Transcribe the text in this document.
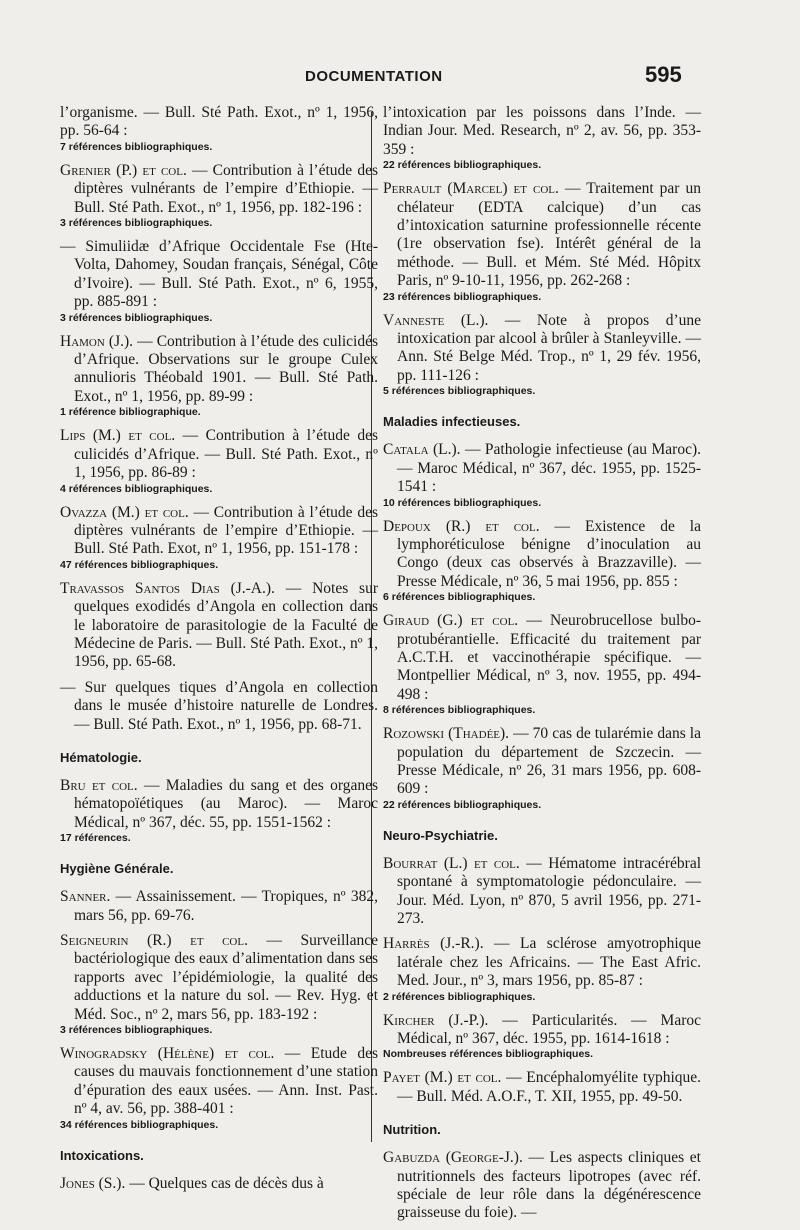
DOCUMENTATION	595

l’organisme. — Bull. Sté Path. Exot., nº 1, 1956, pp. 56-64 :

7 références bibliographiques.

Grenier (P.) et col. — Contribution à l’étude des diptères vulnérants de l’empire d’Ethiopie. — Bull. Sté Path. Exot., nº 1, 1956, pp. 182-196 :

3 références bibliographiques.

— Simuliidæ d’Afrique Occidentale Fse (Hte-Volta, Dahomey, Soudan français, Sénégal, Côte d’Ivoire). — Bull. Sté Path. Exot., nº 6, 1955, pp. 885-891 :

3 références bibliographiques.

Hamon (J.). — Contribution à l’étude des culicidés d’Afrique. Observations sur le groupe Culex annulioris Théobald 1901. — Bull. Sté Path. Exot., nº 1, 1956, pp. 89-99 :

1 référence bibliographique.

Lips (M.) et col. — Contribution à l’étude des culicidés d’Afrique. — Bull. Sté Path. Exot., nº 1, 1956, pp. 86-89 :

4 références bibliographiques.

Ovazza (M.) et col. — Contribution à l’étude des diptères vulnérants de l’empire d’Ethiopie. — Bull. Sté Path. Exot, nº 1, 1956, pp. 151-178 :

47 références bibliographiques.

Travassos Santos Dias (J.-A.). — Notes sur quelques exodidés d’Angola en collection dans le laboratoire de parasitologie de la Faculté de Médecine de Paris. — Bull. Sté Path. Exot., nº 1, 1956, pp. 65-68.

— Sur quelques tiques d’Angola en collection dans le musée d’histoire naturelle de Londres. — Bull. Sté Path. Exot., nº 1, 1956, pp. 68-71.

Hématologie.

Bru et col. — Maladies du sang et des organes hématopoïétiques (au Maroc). — Maroc Médical, nº 367, déc. 55, pp. 1551-1562 :

17 références.

Hygiène Générale.

Sanner. — Assainissement. — Tropiques, nº 382, mars 56, pp. 69-76.

Seigneurin (R.) et col. — Surveillance bactériologique des eaux d’alimentation dans ses rapports avec l’épidémiologie, la qualité des adductions et la nature du sol. — Rev. Hyg. et Méd. Soc., nº 2, mars 56, pp. 183-192 :

3 références bibliographiques.

Winogradsky (Hélène) et col. — Etude des causes du mauvais fonctionnement d’une station d’épuration des eaux usées. — Ann. Inst. Past. nº 4, av. 56, pp. 388-401 :

34 références bibliographiques.

Intoxications.

Jones (S.). — Quelques cas de décès dus à

l’intoxication par les poissons dans l’Inde. — Indian Jour. Med. Research, nº 2, av. 56, pp. 353-359 :

22 références bibliographiques.

Perrault (Marcel) et col. — Traitement par un chélateur (EDTA calcique) d’un cas d’intoxication saturnine professionnelle récente (1re observation fse). Intérêt général de la méthode. — Bull. et Mém. Sté Méd. Hôpitx Paris, nº 9-10-11, 1956, pp. 262-268 :

23 références bibliographiques.

Vanneste (L.). — Note à propos d’une intoxication par alcool à brûler à Stanleyville. — Ann. Sté Belge Méd. Trop., nº 1, 29 fév. 1956, pp. 111-126 :

5 références bibliographiques.

Maladies infectieuses.

Catala (L.). — Pathologie infectieuse (au Maroc). — Maroc Médical, nº 367, déc. 1955, pp. 1525-1541 :

10 références bibliographiques.

Depoux (R.) et col. — Existence de la lymphoréticulose bénigne d’inoculation au Congo (deux cas observés à Brazzaville). — Presse Médicale, nº 36, 5 mai 1956, pp. 855 :

6 références bibliographiques.

Giraud (G.) et col. — Neurobrucellose bulbo-protubérantielle. Efficacité du traitement par A.C.T.H. et vaccinothérapie spécifique. — Montpellier Médical, nº 3, nov. 1955, pp. 494-498 :

8 références bibliographiques.

Rozowski (Thadée). — 70 cas de tularémie dans la population du département de Szczecin. — Presse Médicale, nº 26, 31 mars 1956, pp. 608-609 :

22 références bibliographiques.

Neuro-Psychiatrie.

Bourrat (L.) et col. — Hématome intracérébral spontané à symptomatologie pédonculaire. — Jour. Méd. Lyon, nº 870, 5 avril 1956, pp. 271-273.

Harrès (J.-R.). — La sclérose amyotrophique latérale chez les Africains. — The East Afric. Med. Jour., nº 3, mars 1956, pp. 85-87 :

2 références bibliographiques.

Kircher (J.-P.). — Particularités. — Maroc Médical, nº 367, déc. 1955, pp. 1614-1618 :

Nombreuses références bibliographiques.

Payet (M.) et col. — Encéphalomyélite typhique. — Bull. Méd. A.O.F., T. XII, 1955, pp. 49-50.

Nutrition.

Gabuzda (George-J.). — Les aspects cliniques et nutritionnels des facteurs lipotropes (avec réf. spéciale de leur rôle dans la dégénérescence graisseuse du foie). —
